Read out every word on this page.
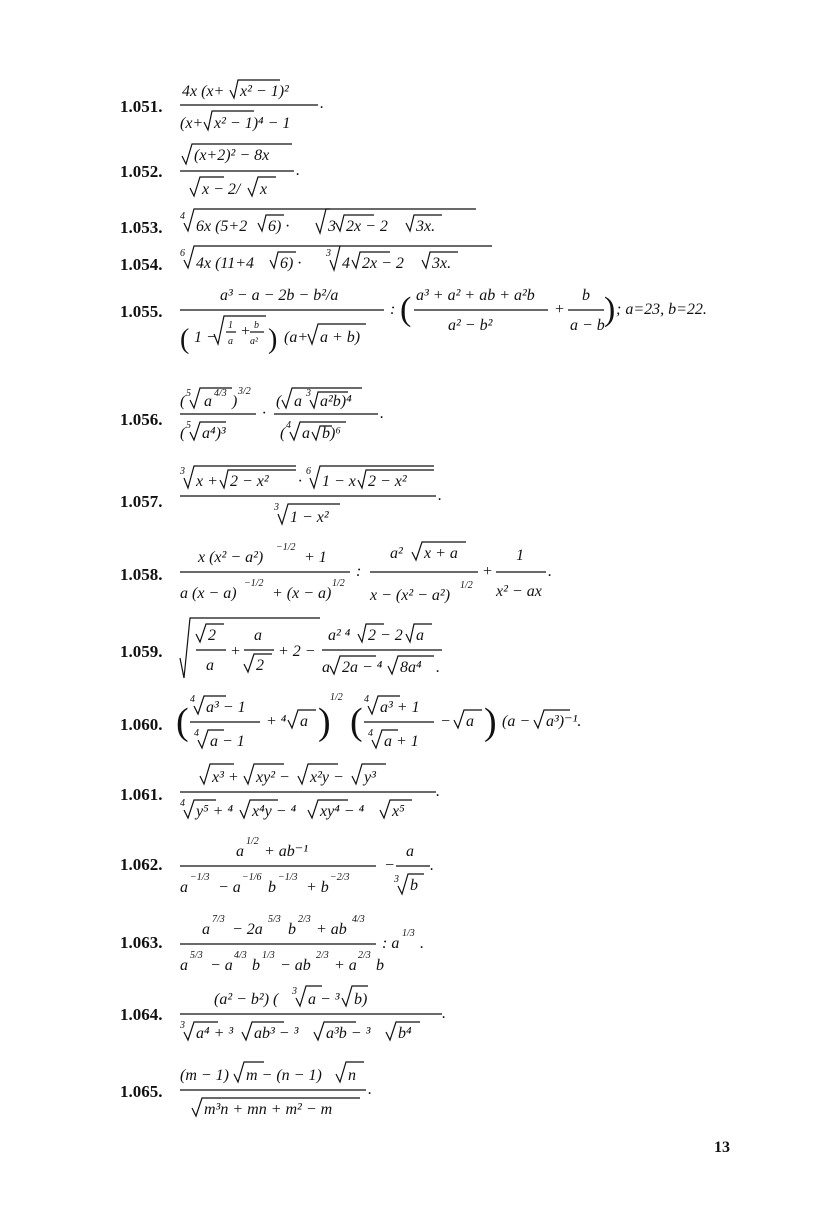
1.051.
4x (x+ x² − 1)²
(x+ x² − 1)⁴ − 1
.
1.052.
(x+2)² − 8x
x − 2/ x
.
1.053.
4
6x (5+2 6) · 3 2x − 2 3x.
1.054.
6
4x (11+4 6) ·
3
4 2x − 2 3x.
1.055.
a³ − a − 2b − b²/a
( 1 −
1
a
+ b
a² ) (a+ a + b)
: ( a³ + a² + ab + a²b
a² − b²
+
b
a − b ) ; a=23, b=22.
1.056.
( 5 a 4/3 )
3/2
( 5 a⁴)³
·
( a 3 a²b)⁴
( 4 a b)⁶
.
1.057.
3
x + 2 − x² ·
6
1 − x 2 − x²
3
1 − x²
.
1.058.
x (x² − a²)
−1/2
+ 1
a (x − a)
−1/2
+ (x − a)
1/2
:
a² x + a
x − (x² − a²)
1/2
+
1
x² − ax
.
1.059.
2
a
+
a
2
+ 2 −
a² ⁴ 2 − 2 a
a 2a − ⁴ 8a⁴ .
1.060. (
4 a³ − 1
4 a − 1
+ ⁴ a )
1/2
(
4 a³ + 1
4 a + 1
− a ) (a − a³)⁻¹.
1.061.
x³ + xy² − x²y − y³
4 y⁵ + ⁴ x⁴y − ⁴ xy⁴ − ⁴ x⁵
.
1.062.
a
1/2
+ ab⁻¹
a
−1/3
− a
−1/6
b
−1/3
+ b
−2/3
−
a
3 b
.
1.063.
a
7/3
− 2a
5/3
b
2/3
+ ab
4/3
a
5/3
− a
4/3
b
1/3
− ab
2/3
+ a
2/3
b
: a
1/3
.
1.064.
(a² − b²) ( 3 a − ³ b)
3 a⁴ + ³ ab³ − ³ a³b − ³ b⁴
.
1.065.
(m − 1) m − (n − 1) n
m³n + mn + m² − m
.
13
